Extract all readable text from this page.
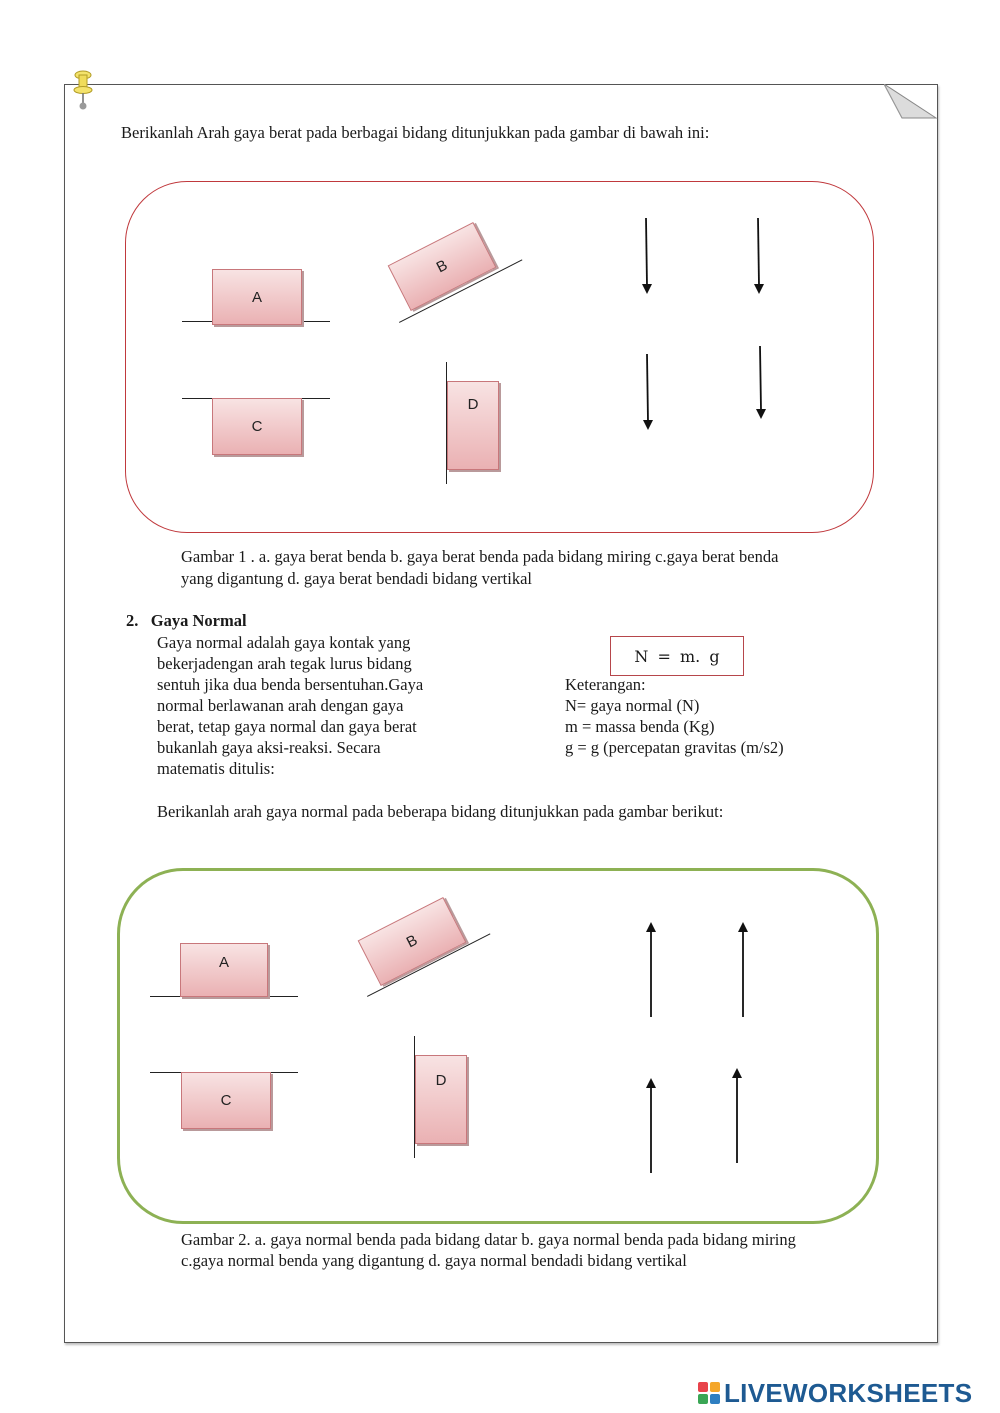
Berikanlah Arah gaya berat pada berbagai bidang ditunjukkan pada gambar di bawah ini:
A
B
C
D
Gambar 1 . a. gaya berat benda b. gaya berat benda pada bidang miring c.gaya berat benda
yang digantung d. gaya berat bendadi bidang vertikal
2.   Gaya Normal
Gaya normal adalah gaya kontak yang
bekerjadengan arah tegak lurus bidang
sentuh jika dua benda bersentuhan.Gaya
normal berlawanan arah dengan gaya
berat, tetap gaya normal dan gaya berat
bukanlah gaya aksi-reaksi. Secara
matematis ditulis:
N = m. g
Keterangan:
N= gaya normal (N)
m = massa benda (Kg)
g = g (percepatan gravitas (m/s2)
Berikanlah arah gaya normal pada beberapa bidang ditunjukkan pada gambar berikut:
A
B
C
D
Gambar 2. a. gaya normal benda pada bidang datar b. gaya normal benda pada bidang miring
c.gaya normal benda yang digantung d. gaya normal bendadi bidang vertikal
LIVEWORKSHEETS
